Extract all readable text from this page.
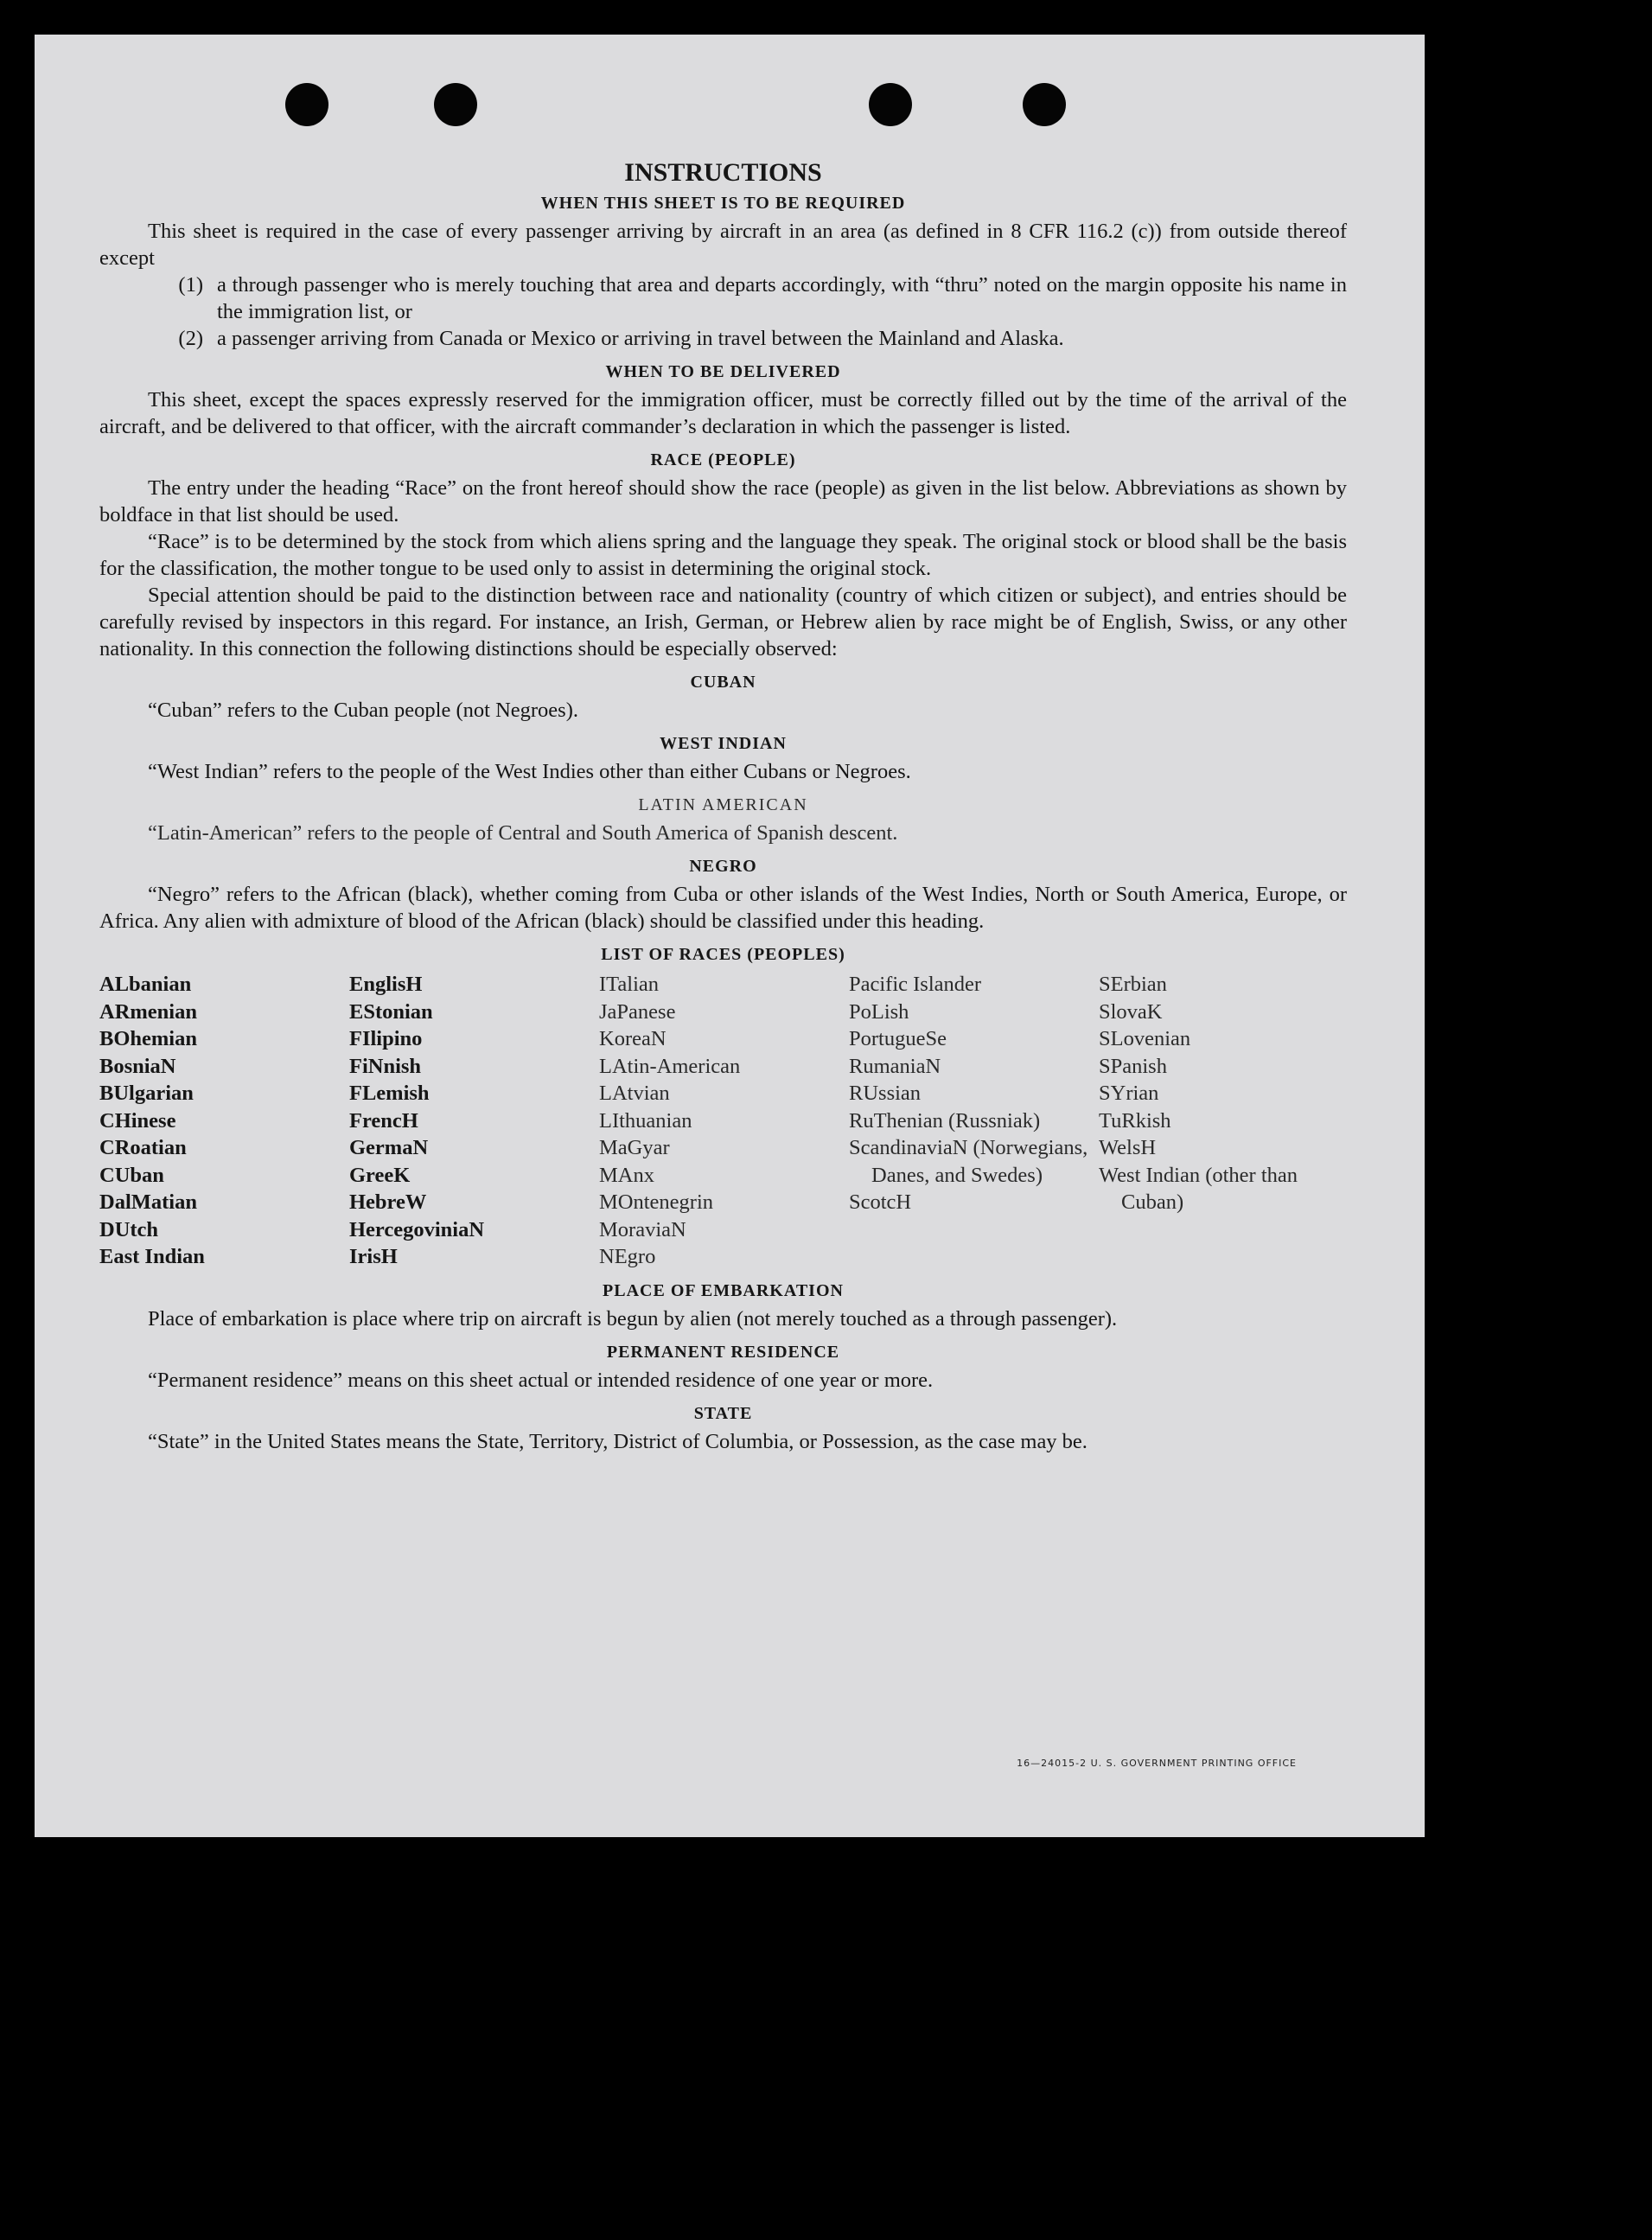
INSTRUCTIONS
WHEN THIS SHEET IS TO BE REQUIRED

This sheet is required in the case of every passenger arriving by aircraft in an area (as defined in 8 CFR 116.2 (c)) from outside thereof except

(1) a through passenger who is merely touching that area and departs accordingly, with “thru” noted on the margin opposite his name in the immigration list, or
(2) a passenger arriving from Canada or Mexico or arriving in travel between the Mainland and Alaska.
WHEN TO BE DELIVERED

This sheet, except the spaces expressly reserved for the immigration officer, must be correctly filled out by the time of the arrival of the aircraft, and be delivered to that officer, with the aircraft commander’s declaration in which the passenger is listed.

RACE (PEOPLE)

The entry under the heading “Race” on the front hereof should show the race (people) as given in the list below. Abbreviations as shown by boldface in that list should be used.

“Race” is to be determined by the stock from which aliens spring and the language they speak. The original stock or blood shall be the basis for the classification, the mother tongue to be used only to assist in determining the original stock.

Special attention should be paid to the distinction between race and nationality (country of which citizen or subject), and entries should be carefully revised by inspectors in this regard. For instance, an Irish, German, or Hebrew alien by race might be of English, Swiss, or any other nationality. In this connection the following distinctions should be especially observed:

CUBAN

“Cuban” refers to the Cuban people (not Negroes).

WEST INDIAN

“West Indian” refers to the people of the West Indies other than either Cubans or Negroes.

LATIN AMERICAN

“Latin-American” refers to the people of Central and South America of Spanish descent.

NEGRO

“Negro” refers to the African (black), whether coming from Cuba or other islands of the West Indies, North or South America, Europe, or Africa. Any alien with admixture of blood of the African (black) should be classified under this heading.

LIST OF RACES (PEOPLES)
ALbanian
ARmenian
BOhemian
BosniaN
BUlgarian
CHinese
CRoatian
CUban
DalMatian
DUtch
East Indian
EnglisH
EStonian
FIlipino
FiNnish
FLemish
FrencH
GermaN
GreeK
HebreW
HercegoviniaN
IrisH
ITalian
JaPanese
KoreaN
LAtin-American
LAtvian
LIthuanian
MaGyar
MAnx
MOntenegrin
MoraviaN
NEgro
Pacific Islander
PoLish
PortugueSe
RumaniaN
RUssian
RuThenian (Russniak)
ScandinaviaN (Norwegians, Danes, and Swedes)
ScotcH
SErbian
SlovaK
SLovenian
SPanish
SYrian
TuRkish
WelsH
West Indian (other than Cuban)
PLACE OF EMBARKATION

Place of embarkation is place where trip on aircraft is begun by alien (not merely touched as a through passenger).

PERMANENT RESIDENCE

“Permanent residence” means on this sheet actual or intended residence of one year or more.

STATE

“State” in the United States means the State, Territory, District of Columbia, or Possession, as the case may be.

16—24015-2 U. S. GOVERNMENT PRINTING OFFICE
